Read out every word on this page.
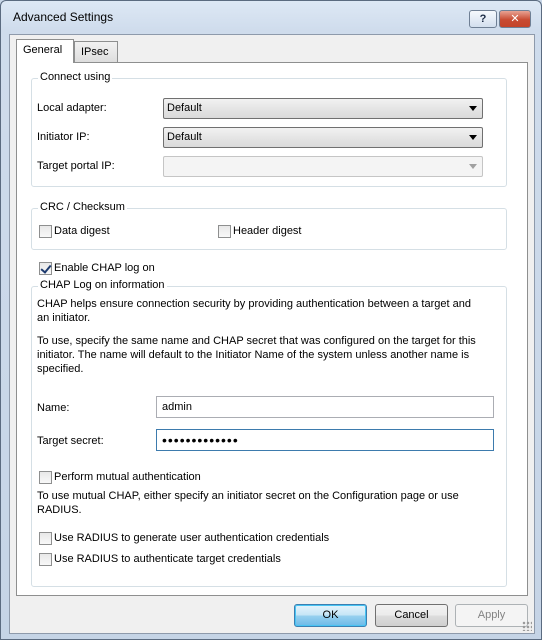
Advanced Settings	?	✕
General	IPsec
Connect using
Local adapter:	Default
Initiator IP:	Default
Target portal IP:
CRC / Checksum
Data digest	Header digest
Enable CHAP log on
CHAP Log on information
CHAP helps ensure connection security by providing authentication between a target and
an initiator.
To use, specify the same name and CHAP secret that was configured on the target for this
initiator. The name will default to the Initiator Name of the system unless another name is
specified.
Name:	admin
Target secret:	•••••••••••••
Perform mutual authentication
To use mutual CHAP, either specify an initiator secret on the Configuration page or use
RADIUS.
Use RADIUS to generate user authentication credentials
Use RADIUS to authenticate target credentials
OK	Cancel	Apply
